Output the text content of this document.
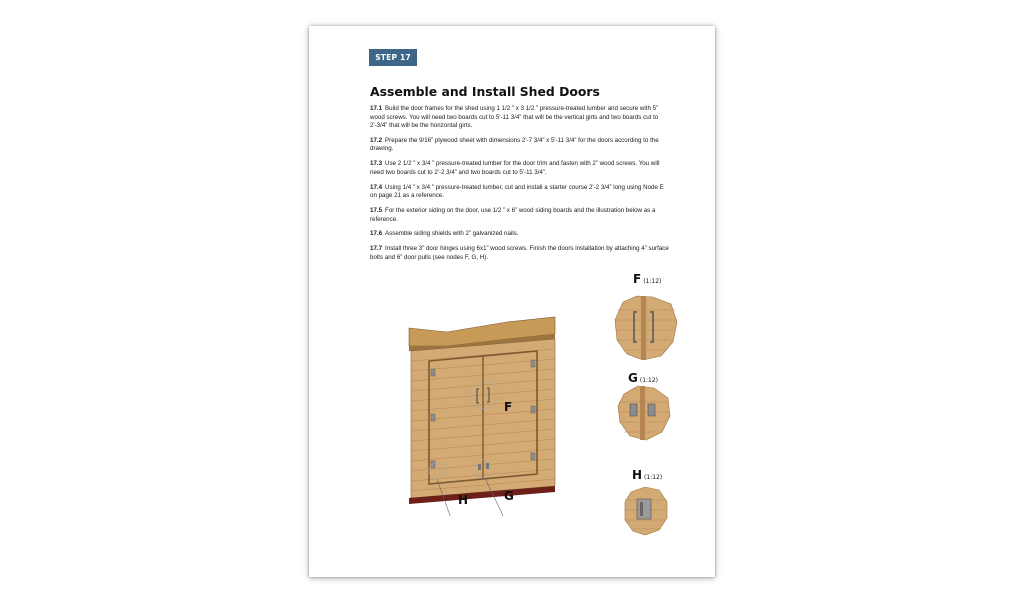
STEP 17
Assemble and Install Shed Doors

17.1 Build the door frames for the shed using 1 1/2 ” x 3 1/2 ” pressure-treated lumber and secure with 5” wood screws. You will need two boards cut to 5'-11 3/4” that will be the vertical girts and two boards cut to 2'-3/4” that will be the horizontal girts.

17.2 Prepare the 9/16” plywood sheet with dimensions 2'-7 3/4” x 5'-11 3/4” for the doors according to the drawing.

17.3 Use 2 1/2 ” x 3/4 ” pressure-treated lumber for the door trim and fasten with 2” wood screws. You will need two boards cut to 2'-2 3/4” and two boards cut to 5'-11 3/4”.

17.4 Using 1/4 ” x 3/4 ” pressure-treated lumber, cut and install a starter course 2'-2 3/4” long using Node E on page 21 as a reference.

17.5 For the exterior siding on the door, use 1/2 ” x 6” wood siding boards and the illustration below as a reference.

17.6 Assemble siding shields with 2” galvanized nails.

17.7 Install three 3” door hinges using 6x1” wood screws. Finish the doors installation by attaching 4” surface bolts and 6” door pulls (see nodes F, G, H).

F
G
H
F (1:12)
G (1:12)
H (1:12)
